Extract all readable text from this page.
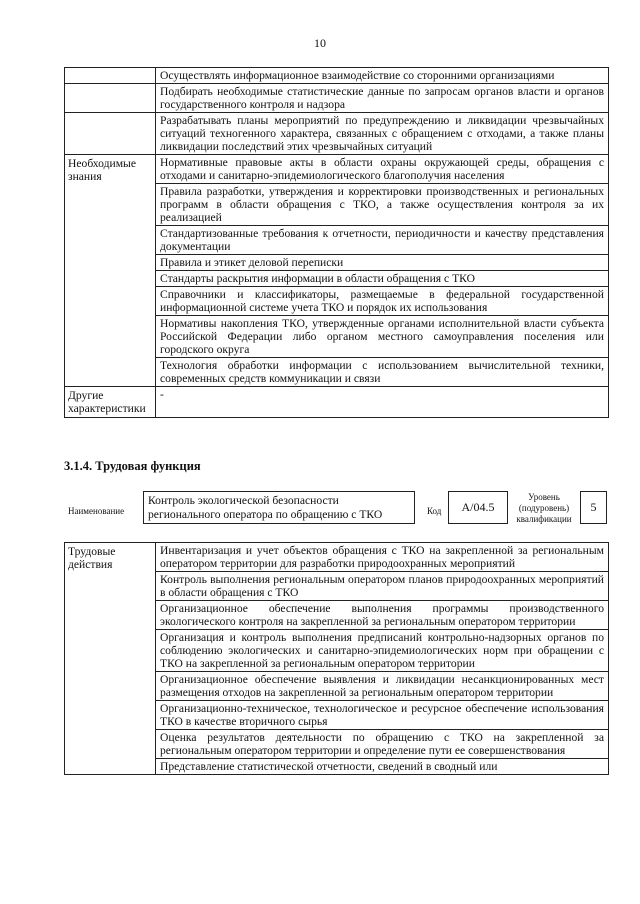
10
	Осуществлять информационное взаимодействие со сторонними организациями
	Подбирать необходимые статистические данные по запросам органов власти и органов государственного контроля и надзора
	Разрабатывать планы мероприятий по предупреждению и ликвидации чрезвычайных ситуаций техногенного характера, связанных с обращением с отходами, а также планы ликвидации последствий этих чрезвычайных ситуаций
Необходимые знания	Нормативные правовые акты в области охраны окружающей среды, обращения с отходами и санитарно-эпидемиологического благополучия населения
	Правила разработки, утверждения и корректировки производственных и региональных программ в области обращения с ТКО, а также осуществления контроля за их реализацией
	Стандартизованные требования к отчетности, периодичности и качеству представления документации
	Правила и этикет деловой переписки
	Стандарты раскрытия информации в области обращения с ТКО
	Справочники и классификаторы, размещаемые в федеральной государственной информационной системе учета ТКО и порядок их использования
	Нормативы накопления ТКО, утвержденные органами исполнительной власти субъекта Российской Федерации либо органом местного самоуправления поселения или городского округа
	Технология обработки информации с использованием вычислительной техники, современных средств коммуникации и связи
Другие характеристики	-
3.1.4. Трудовая функция
Наименование
Контроль экологической безопасности регионального оператора по обращению с ТКО	Код	А/04.5
Уровень (подуровень) квалификации
5
Трудовые действия	Инвентаризация и учет объектов обращения с ТКО на закрепленной за региональным оператором территории для разработки природоохранных мероприятий
Контроль выполнения региональным оператором планов природоохранных мероприятий в области обращения с ТКО
Организационное обеспечение выполнения программы производственного экологического контроля на закрепленной за региональным оператором территории
Организация и контроль выполнения предписаний контрольно-надзорных органов по соблюдению экологических и санитарно-эпидемиологических норм при обращении с ТКО на закрепленной за региональным оператором территории
Организационное обеспечение выявления и ликвидации несанкционированных мест размещения отходов на закрепленной за региональным оператором территории
Организационно-техническое, технологическое и ресурсное обеспечение использования ТКО в качестве вторичного сырья
Оценка результатов деятельности по обращению с ТКО на закрепленной за региональным оператором территории и определение пути ее совершенствования
Представление статистической отчетности, сведений в сводный или
